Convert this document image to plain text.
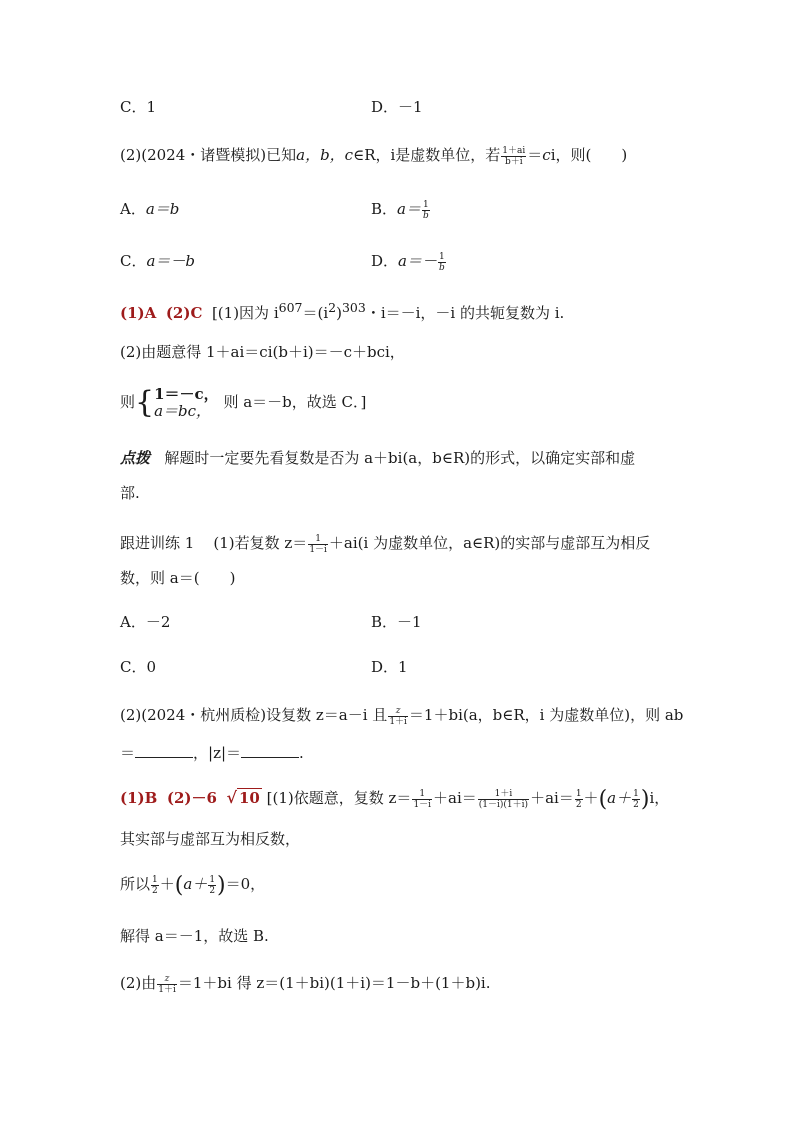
C．1	D．－1
(2)(2024・诸暨模拟)已知a，b，c∈R，i是虚数单位，若 $\frac{1+ai}{b+i} =ci$，则(　　)
A．a＝b	B．$a= \frac{1}{b}$
C．a＝－b	D．$a=- \frac{1}{b}$
(1)A (2)C [(1)因为 $i^{607}=(i^2)^{303}$・i＝－i，－i 的共轭复数为 i.
(2)由题意得 1＋ai＝ci(b＋i)＝－c＋bci，
则{ 1＝－c，
a＝bc， 则 a＝－b，故选 C．]
点拨 解题时一定要先看复数是否为 a＋bi(a，b∈R)的形式，以确定实部和虚
部.
跟进训练 1 (1)若复数 $z= \frac{1}{1-i} +ai(i$ 为虚数单位，a∈R)的实部与虚部互为相反
数，则 a＝(　　)
A．－2	B．－1
C．0	D．1
(2)(2024・杭州质检)设复数 z＝a－i 且 $\frac{z}{1+i} =1+bi(a$，b∈R，i 为虚数单位)，则 ab
＝	，|z|＝	.
(1)B (2)－6 √ 10 [(1)依题意，复数 $z= \frac{1}{1-i} +ai= \frac{1+i}{(1-i)(1+i)} +ai= \frac{1}{2} +(a+ \frac{1}{2} )i$，
其实部与虚部互为相反数，
所以 $\frac{1}{2} +(a+ \frac{1}{2} )=0$，
解得 a＝－1，故选 B.
(2)由 $\frac{z}{1+i} =1+bi$ 得 z＝(1＋bi)(1＋i)＝1－b＋(1＋b)i.
